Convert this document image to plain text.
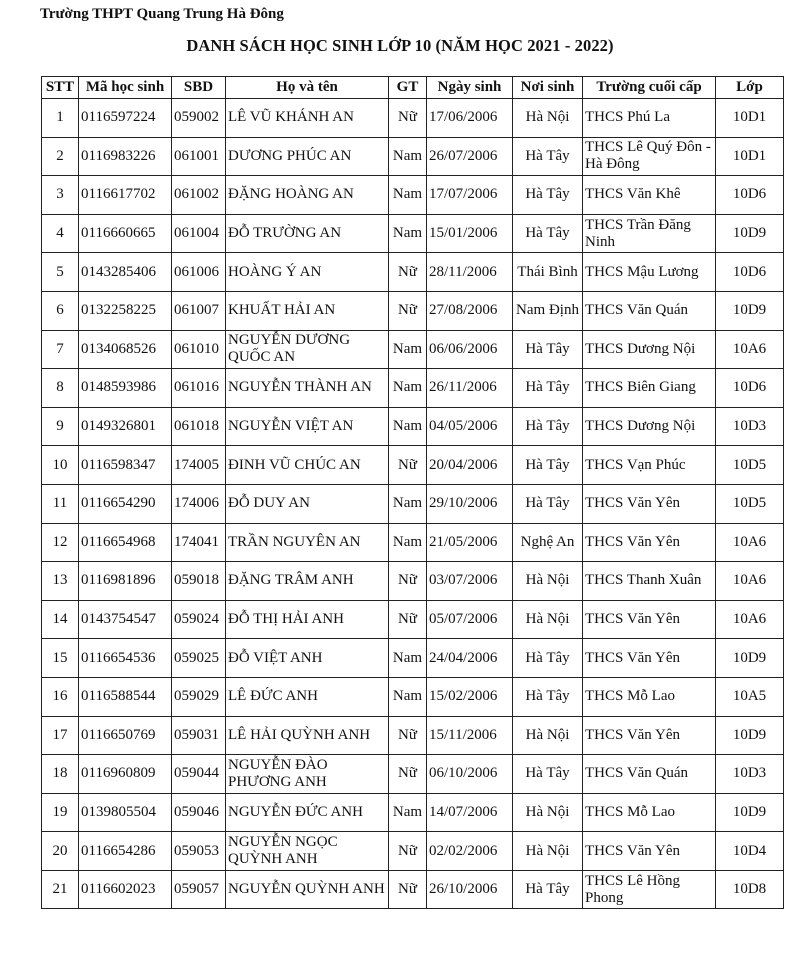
Trường THPT Quang Trung Hà Đông
DANH SÁCH HỌC SINH LỚP 10 (NĂM HỌC 2021 - 2022)
STT	Mã học sinh	SBD	Họ và tên	GT	Ngày sinh	Nơi sinh	Trường cuối cấp	Lớp
1	0116597224	059002	LÊ VŨ KHÁNH AN	Nữ	17/06/2006	Hà Nội	THCS Phú La	10D1
2	0116983226	061001	DƯƠNG PHÚC AN	Nam	26/07/2006	Hà Tây	THCS Lê Quý Đôn - Hà Đông	10D1
3	0116617702	061002	ĐẶNG HOÀNG AN	Nam	17/07/2006	Hà Tây	THCS Văn Khê	10D6
4	0116660665	061004	ĐỖ TRƯỜNG AN	Nam	15/01/2006	Hà Tây	THCS Trần Đăng Ninh	10D9
5	0143285406	061006	HOÀNG Ý AN	Nữ	28/11/2006	Thái Bình	THCS Mậu Lương	10D6
6	0132258225	061007	KHUẤT HẢI AN	Nữ	27/08/2006	Nam Định	THCS Văn Quán	10D9
7	0134068526	061010	NGUYỄN DƯƠNG QUỐC AN	Nam	06/06/2006	Hà Tây	THCS Dương Nội	10A6
8	0148593986	061016	NGUYỄN THÀNH AN	Nam	26/11/2006	Hà Tây	THCS Biên Giang	10D6
9	0149326801	061018	NGUYỄN VIỆT AN	Nam	04/05/2006	Hà Tây	THCS Dương Nội	10D3
10	0116598347	174005	ĐINH VŨ CHÚC AN	Nữ	20/04/2006	Hà Tây	THCS Vạn Phúc	10D5
11	0116654290	174006	ĐỖ DUY AN	Nam	29/10/2006	Hà Tây	THCS Văn Yên	10D5
12	0116654968	174041	TRẦN NGUYÊN AN	Nam	21/05/2006	Nghệ An	THCS Văn Yên	10A6
13	0116981896	059018	ĐẶNG TRÂM ANH	Nữ	03/07/2006	Hà Nội	THCS Thanh Xuân	10A6
14	0143754547	059024	ĐỖ THỊ HẢI ANH	Nữ	05/07/2006	Hà Nội	THCS Văn Yên	10A6
15	0116654536	059025	ĐỖ VIỆT ANH	Nam	24/04/2006	Hà Tây	THCS Văn Yên	10D9
16	0116588544	059029	LÊ ĐỨC ANH	Nam	15/02/2006	Hà Tây	THCS Mỗ Lao	10A5
17	0116650769	059031	LÊ HẢI QUỲNH ANH	Nữ	15/11/2006	Hà Nội	THCS Văn Yên	10D9
18	0116960809	059044	NGUYỄN ĐÀO PHƯƠNG ANH	Nữ	06/10/2006	Hà Tây	THCS Văn Quán	10D3
19	0139805504	059046	NGUYỄN ĐỨC ANH	Nam	14/07/2006	Hà Nội	THCS Mỗ Lao	10D9
20	0116654286	059053	NGUYỄN NGỌC QUỲNH ANH	Nữ	02/02/2006	Hà Nội	THCS Văn Yên	10D4
21	0116602023	059057	NGUYỄN QUỲNH ANH	Nữ	26/10/2006	Hà Tây	THCS Lê Hồng Phong	10D8
